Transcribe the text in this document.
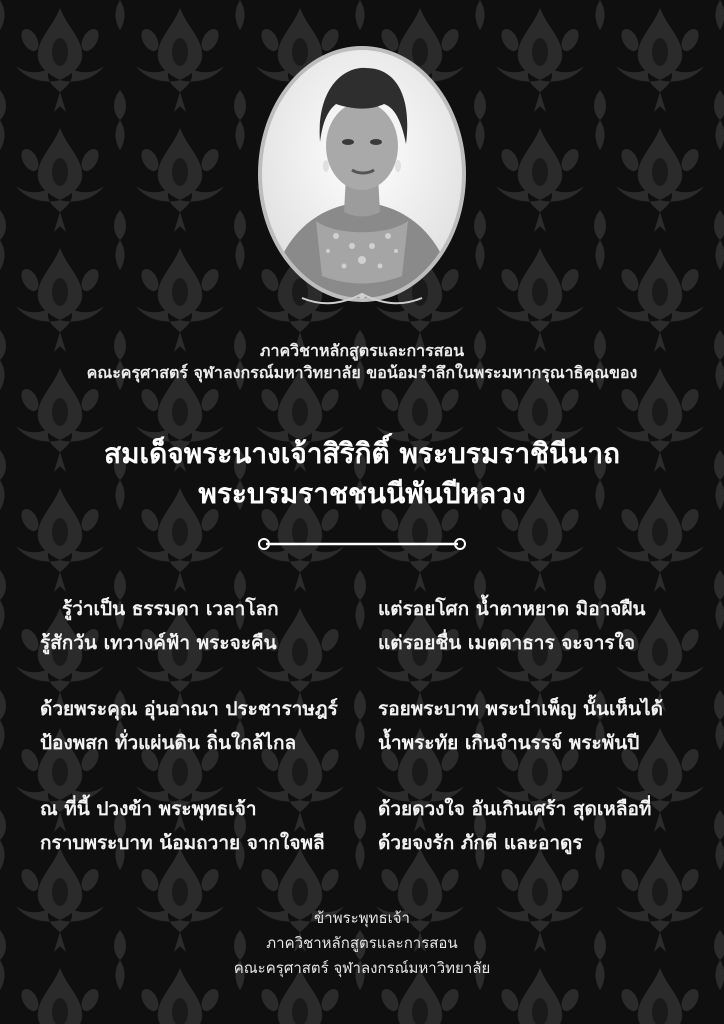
ภาควิชาหลักสูตรและการสอน
คณะครุศาสตร์ จุฬาลงกรณ์มหาวิทยาลัย ขอน้อมรำลึกในพระมหากรุณาธิคุณของ
สมเด็จพระนางเจ้าสิริกิติ์ พระบรมราชินีนาถ
พระบรมราชชนนีพันปีหลวง
รู้ว่าเป็น ธรรมดา เวลาโลก
รู้สักวัน เทวางค์ฟ้า พระจะคืน
ด้วยพระคุณ อุ่นอาณา ประชาราษฎร์
ป้องพสก ทั่วแผ่นดิน ถิ่นใกล้ไกล
ณ ที่นี้ ปวงข้า พระพุทธเจ้า
กราบพระบาท น้อมถวาย จากใจพลี
แต่รอยโศก น้ำตาหยาด มิอาจฝืน
แต่รอยชื่น เมตตาธาร จะจารใจ
รอยพระบาท พระบำเพ็ญ นั้นเห็นได้
น้ำพระทัย เกินจำนรรจ์ พระพันปี
ด้วยดวงใจ อันเกินเศร้า สุดเหลือที่
ด้วยจงรัก ภักดี และอาดูร
ข้าพระพุทธเจ้า
ภาควิชาหลักสูตรและการสอน
คณะครุศาสตร์ จุฬาลงกรณ์มหาวิทยาลัย
